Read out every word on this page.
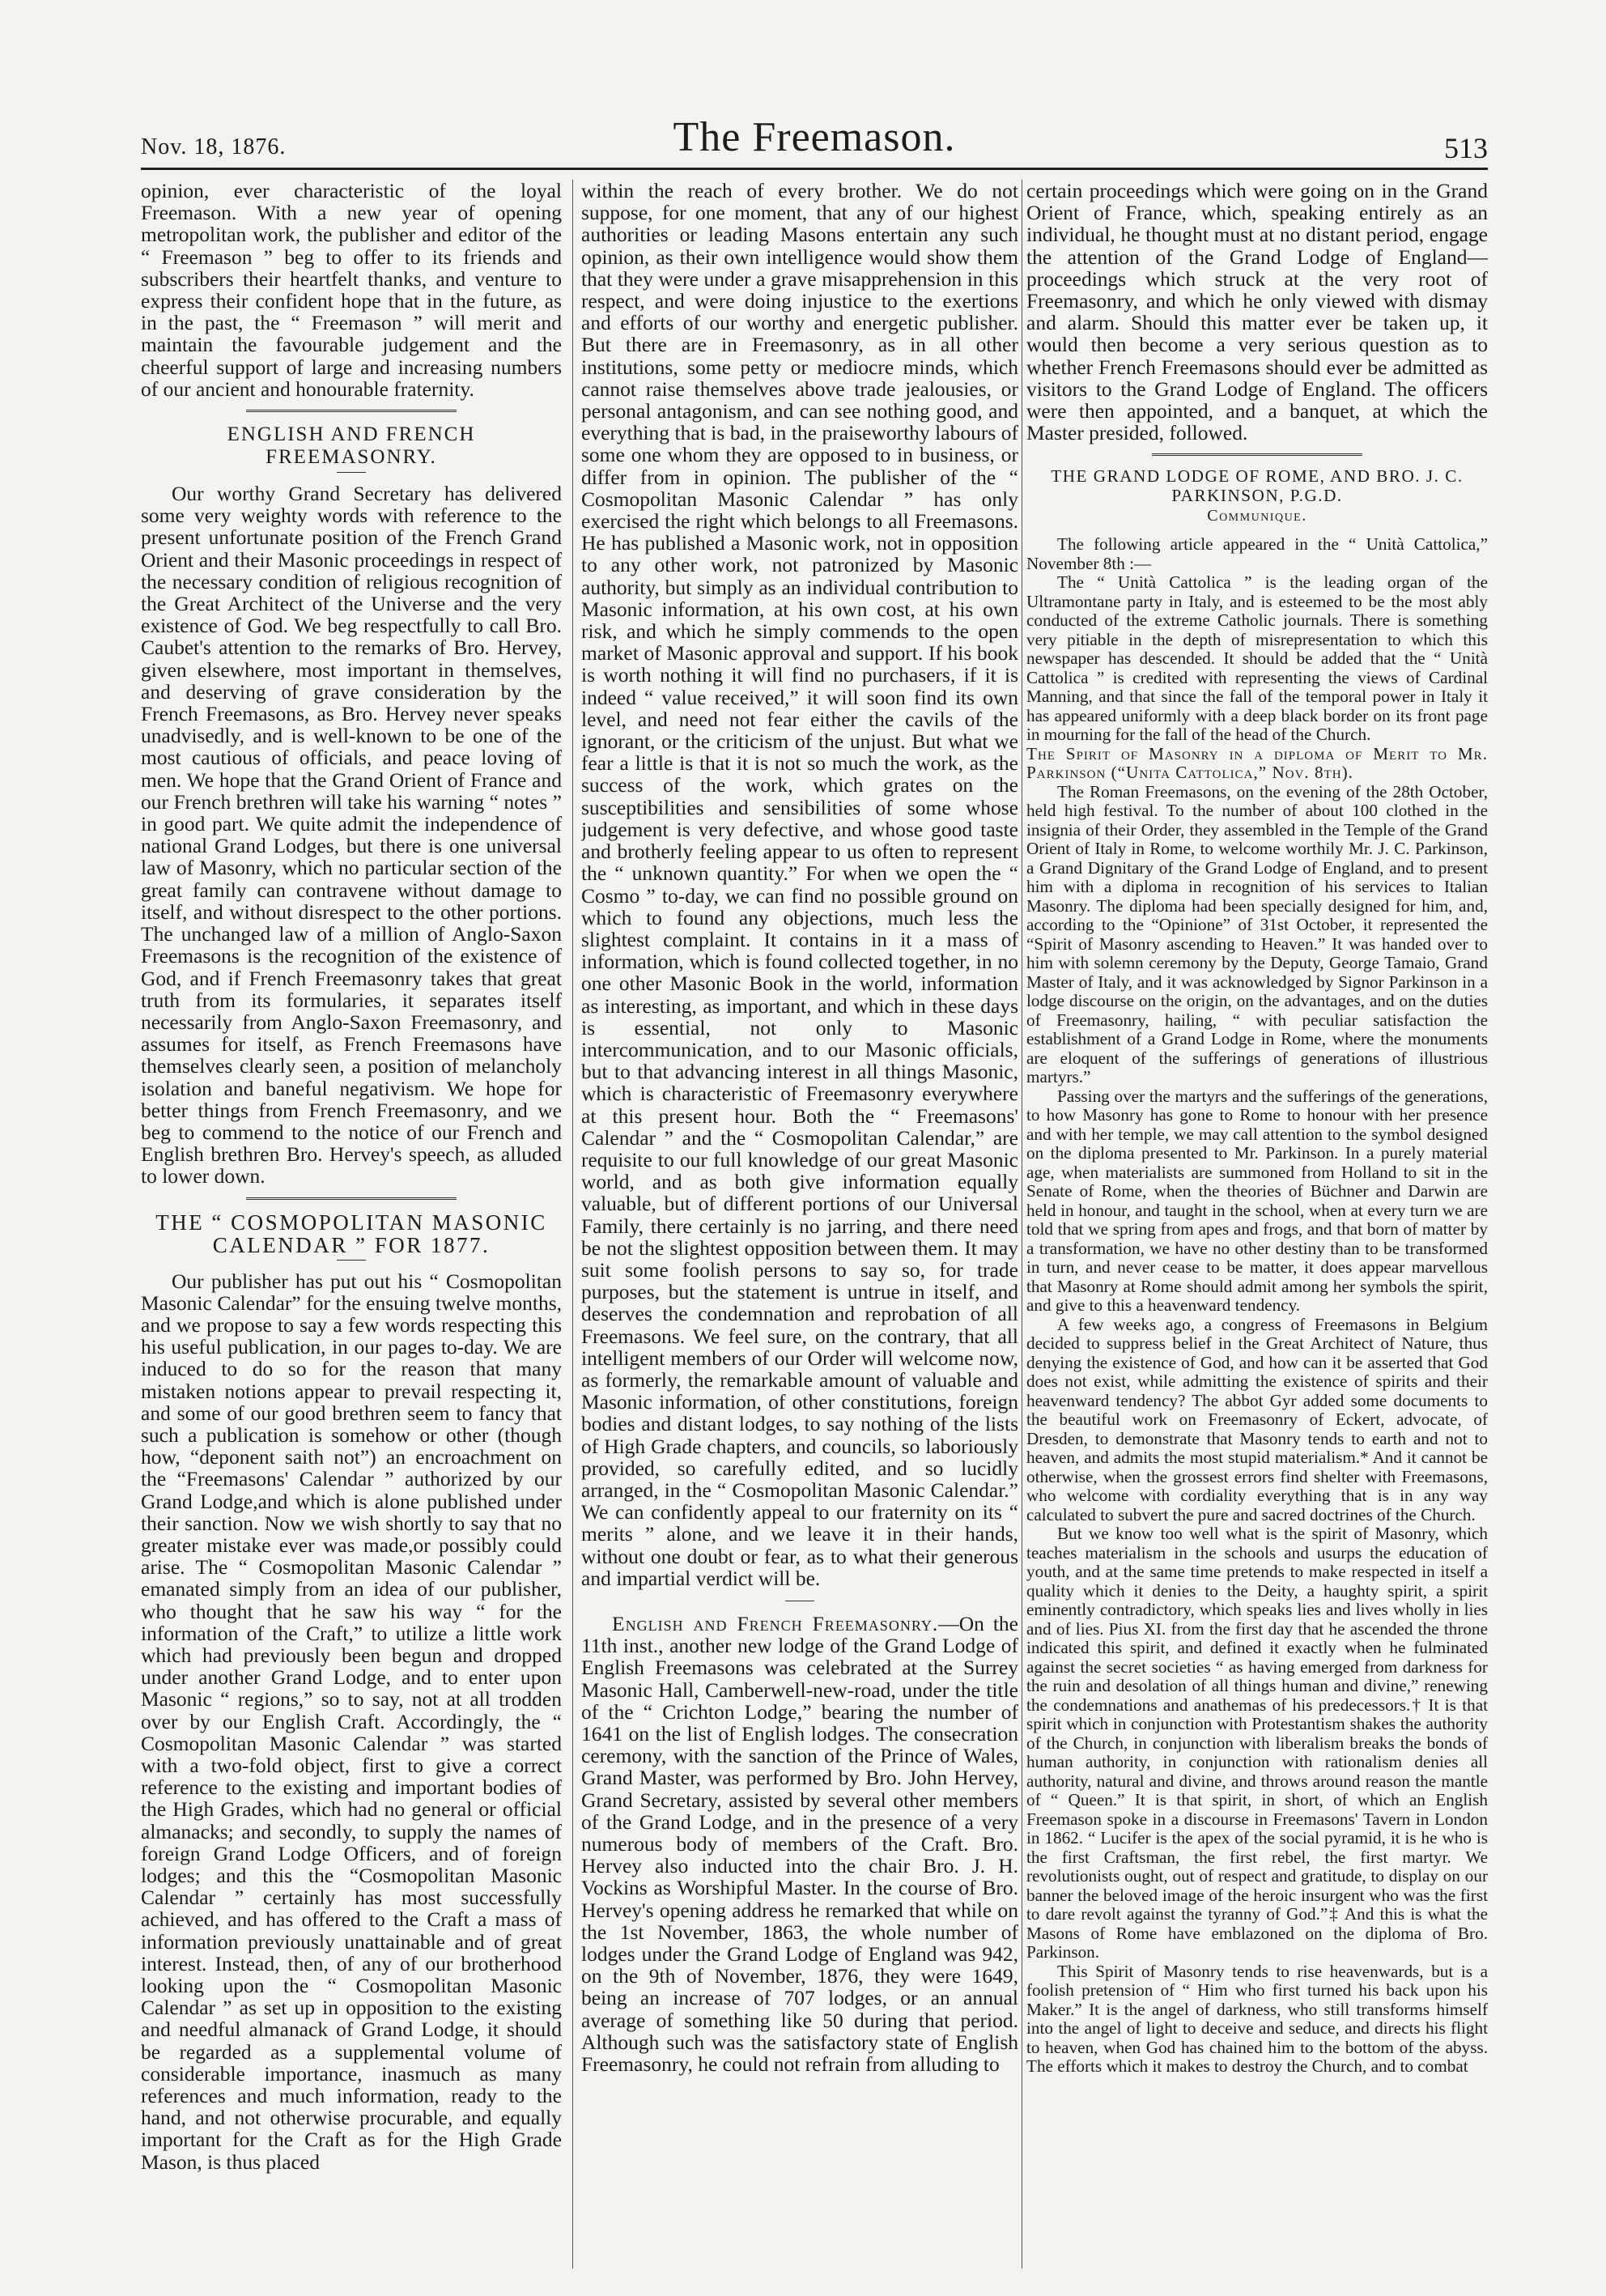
Nov. 18, 1876.	The Freemason.	513

opinion, ever characteristic of the loyal Freemason. With a new year of opening metropolitan work, the publisher and editor of the “ Freemason ” beg to offer to its friends and subscribers their heartfelt thanks, and venture to express their confident hope that in the future, as in the past, the “ Freemason ” will merit and maintain the favourable judgement and the cheerful support of large and increasing numbers of our ancient and honourable fraternity.

ENGLISH AND FRENCH FREEMASONRY.

Our worthy Grand Secretary has delivered some very weighty words with reference to the present unfortunate position of the French Grand Orient and their Masonic proceedings in respect of the necessary condition of religious recognition of the Great Architect of the Universe and the very existence of God. We beg respectfully to call Bro. Caubet's attention to the remarks of Bro. Hervey, given elsewhere, most important in themselves, and deserving of grave consideration by the French Freemasons, as Bro. Hervey never speaks unadvisedly, and is well-known to be one of the most cautious of officials, and peace loving of men. We hope that the Grand Orient of France and our French brethren will take his warning “ notes ” in good part. We quite admit the independence of national Grand Lodges, but there is one universal law of Masonry, which no particular section of the great family can contravene without damage to itself, and without disrespect to the other portions. The unchanged law of a million of Anglo-Saxon Freemasons is the recognition of the existence of God, and if French Freemasonry takes that great truth from its formularies, it separates itself necessarily from Anglo-Saxon Freemasonry, and assumes for itself, as French Freemasons have themselves clearly seen, a position of melancholy isolation and baneful negativism. We hope for better things from French Freemasonry, and we beg to commend to the notice of our French and English brethren Bro. Hervey's speech, as alluded to lower down.

THE “ COSMOPOLITAN MASONIC CALENDAR ” FOR 1877.

Our publisher has put out his “ Cosmopolitan Masonic Calendar” for the ensuing twelve months, and we propose to say a few words respecting this his useful publication, in our pages to-day. We are induced to do so for the reason that many mistaken notions appear to prevail respecting it, and some of our good brethren seem to fancy that such a publication is somehow or other (though how, “deponent saith not”) an encroachment on the “Freemasons' Calendar ” authorized by our Grand Lodge,and which is alone published under their sanction. Now we wish shortly to say that no greater mistake ever was made,or possibly could arise. The “ Cosmopolitan Masonic Calendar ” emanated simply from an idea of our publisher, who thought that he saw his way “ for the information of the Craft,” to utilize a little work which had previously been begun and dropped under another Grand Lodge, and to enter upon Masonic “ regions,” so to say, not at all trodden over by our English Craft. Accordingly, the “ Cosmopolitan Masonic Calendar ” was started with a two-fold object, first to give a correct reference to the existing and important bodies of the High Grades, which had no general or official almanacks; and secondly, to supply the names of foreign Grand Lodge Officers, and of foreign lodges; and this the “Cosmopolitan Masonic Calendar ” certainly has most successfully achieved, and has offered to the Craft a mass of information previously unattainable and of great interest. Instead, then, of any of our brotherhood looking upon the “ Cosmopolitan Masonic Calendar ” as set up in opposition to the existing and needful almanack of Grand Lodge, it should be regarded as a supplemental volume of considerable importance, inasmuch as many references and much information, ready to the hand, and not otherwise procurable, and equally important for the Craft as for the High Grade Mason, is thus placed

within the reach of every brother. We do not suppose, for one moment, that any of our highest authorities or leading Masons entertain any such opinion, as their own intelligence would show them that they were under a grave misapprehension in this respect, and were doing injustice to the exertions and efforts of our worthy and energetic publisher. But there are in Freemasonry, as in all other institutions, some petty or mediocre minds, which cannot raise themselves above trade jealousies, or personal antagonism, and can see nothing good, and everything that is bad, in the praiseworthy labours of some one whom they are opposed to in business, or differ from in opinion. The publisher of the “ Cosmopolitan Masonic Calendar ” has only exercised the right which belongs to all Freemasons. He has published a Masonic work, not in opposition to any other work, not patronized by Masonic authority, but simply as an individual contribution to Masonic information, at his own cost, at his own risk, and which he simply commends to the open market of Masonic approval and support. If his book is worth nothing it will find no purchasers, if it is indeed “ value received,” it will soon find its own level, and need not fear either the cavils of the ignorant, or the criticism of the unjust. But what we fear a little is that it is not so much the work, as the success of the work, which grates on the susceptibilities and sensibilities of some whose judgement is very defective, and whose good taste and brotherly feeling appear to us often to represent the “ unknown quantity.” For when we open the “ Cosmo ” to-day, we can find no possible ground on which to found any objections, much less the slightest complaint. It contains in it a mass of information, which is found collected together, in no one other Masonic Book in the world, information as interesting, as important, and which in these days is essential, not only to Masonic intercommunication, and to our Masonic officials, but to that advancing interest in all things Masonic, which is characteristic of Freemasonry everywhere at this present hour. Both the “ Freemasons' Calendar ” and the “ Cosmopolitan Calendar,” are requisite to our full knowledge of our great Masonic world, and as both give information equally valuable, but of different portions of our Universal Family, there certainly is no jarring, and there need be not the slightest opposition between them. It may suit some foolish persons to say so, for trade purposes, but the statement is untrue in itself, and deserves the condemnation and reprobation of all Freemasons. We feel sure, on the contrary, that all intelligent members of our Order will welcome now, as formerly, the remarkable amount of valuable and Masonic information, of other constitutions, foreign bodies and distant lodges, to say nothing of the lists of High Grade chapters, and councils, so laboriously provided, so carefully edited, and so lucidly arranged, in the “ Cosmopolitan Masonic Calendar.” We can confidently appeal to our fraternity on its “ merits ” alone, and we leave it in their hands, without one doubt or fear, as to what their generous and impartial verdict will be.

English and French Freemasonry.—On the 11th inst., another new lodge of the Grand Lodge of English Freemasons was celebrated at the Surrey Masonic Hall, Camberwell-new-road, under the title of the “ Crichton Lodge,” bearing the number of 1641 on the list of English lodges. The consecration ceremony, with the sanction of the Prince of Wales, Grand Master, was performed by Bro. John Hervey, Grand Secretary, assisted by several other members of the Grand Lodge, and in the presence of a very numerous body of members of the Craft. Bro. Hervey also inducted into the chair Bro. J. H. Vockins as Worshipful Master. In the course of Bro. Hervey's opening address he remarked that while on the 1st November, 1863, the whole number of lodges under the Grand Lodge of England was 942, on the 9th of November, 1876, they were 1649, being an increase of 707 lodges, or an annual average of something like 50 during that period. Although such was the satisfactory state of English Freemasonry, he could not refrain from alluding to

certain proceedings which were going on in the Grand Orient of France, which, speaking entirely as an individual, he thought must at no distant period, engage the attention of the Grand Lodge of England—proceedings which struck at the very root of Freemasonry, and which he only viewed with dismay and alarm. Should this matter ever be taken up, it would then become a very serious question as to whether French Freemasons should ever be admitted as visitors to the Grand Lodge of England. The officers were then appointed, and a banquet, at which the Master presided, followed.

THE GRAND LODGE OF ROME, AND BRO. J. C. PARKINSON, P.G.D.

Communique.

The following article appeared in the “ Unità Cattolica,” November 8th :—

The “ Unità Cattolica ” is the leading organ of the Ultramontane party in Italy, and is esteemed to be the most ably conducted of the extreme Catholic journals. There is something very pitiable in the depth of misrepresentation to which this newspaper has descended. It should be added that the “ Unità Cattolica ” is credited with representing the views of Cardinal Manning, and that since the fall of the temporal power in Italy it has appeared uniformly with a deep black border on its front page in mourning for the fall of the head of the Church.

The Spirit of Masonry in a diploma of Merit to Mr. Parkinson (“Unita Cattolica,” Nov. 8th).

The Roman Freemasons, on the evening of the 28th October, held high festival. To the number of about 100 clothed in the insignia of their Order, they assembled in the Temple of the Grand Orient of Italy in Rome, to welcome worthily Mr. J. C. Parkinson, a Grand Dignitary of the Grand Lodge of England, and to present him with a diploma in recognition of his services to Italian Masonry. The diploma had been specially designed for him, and, according to the “Opinione” of 31st October, it represented the “Spirit of Masonry ascending to Heaven.” It was handed over to him with solemn ceremony by the Deputy, George Tamaio, Grand Master of Italy, and it was acknowledged by Signor Parkinson in a lodge discourse on the origin, on the advantages, and on the duties of Freemasonry, hailing, “ with peculiar satisfaction the establishment of a Grand Lodge in Rome, where the monuments are eloquent of the sufferings of generations of illustrious martyrs.”

Passing over the martyrs and the sufferings of the generations, to how Masonry has gone to Rome to honour with her presence and with her temple, we may call attention to the symbol designed on the diploma presented to Mr. Parkinson. In a purely material age, when materialists are summoned from Holland to sit in the Senate of Rome, when the theories of Büchner and Darwin are held in honour, and taught in the school, when at every turn we are told that we spring from apes and frogs, and that born of matter by a transformation, we have no other destiny than to be transformed in turn, and never cease to be matter, it does appear marvellous that Masonry at Rome should admit among her symbols the spirit, and give to this a heavenward tendency.

A few weeks ago, a congress of Freemasons in Belgium decided to suppress belief in the Great Architect of Nature, thus denying the existence of God, and how can it be asserted that God does not exist, while admitting the existence of spirits and their heavenward tendency? The abbot Gyr added some documents to the beautiful work on Freemasonry of Eckert, advocate, of Dresden, to demonstrate that Masonry tends to earth and not to heaven, and admits the most stupid materialism.* And it cannot be otherwise, when the grossest errors find shelter with Freemasons, who welcome with cordiality everything that is in any way calculated to subvert the pure and sacred doctrines of the Church.

But we know too well what is the spirit of Masonry, which teaches materialism in the schools and usurps the education of youth, and at the same time pretends to make respected in itself a quality which it denies to the Deity, a haughty spirit, a spirit eminently contradictory, which speaks lies and lives wholly in lies and of lies. Pius XI. from the first day that he ascended the throne indicated this spirit, and defined it exactly when he fulminated against the secret societies “ as having emerged from darkness for the ruin and desolation of all things human and divine,” renewing the condemnations and anathemas of his predecessors.† It is that spirit which in conjunction with Protestantism shakes the authority of the Church, in conjunction with liberalism breaks the bonds of human authority, in conjunction with rationalism denies all authority, natural and divine, and throws around reason the mantle of “ Queen.” It is that spirit, in short, of which an English Freemason spoke in a discourse in Freemasons' Tavern in London in 1862. “ Lucifer is the apex of the social pyramid, it is he who is the first Craftsman, the first rebel, the first martyr. We revolutionists ought, out of respect and gratitude, to display on our banner the beloved image of the heroic insurgent who was the first to dare revolt against the tyranny of God.”‡ And this is what the Masons of Rome have emblazoned on the diploma of Bro. Parkinson.

This Spirit of Masonry tends to rise heavenwards, but is a foolish pretension of “ Him who first turned his back upon his Maker.” It is the angel of darkness, who still transforms himself into the angel of light to deceive and seduce, and directs his flight to heaven, when God has chained him to the bottom of the abyss. The efforts which it makes to destroy the Church, and to combat
